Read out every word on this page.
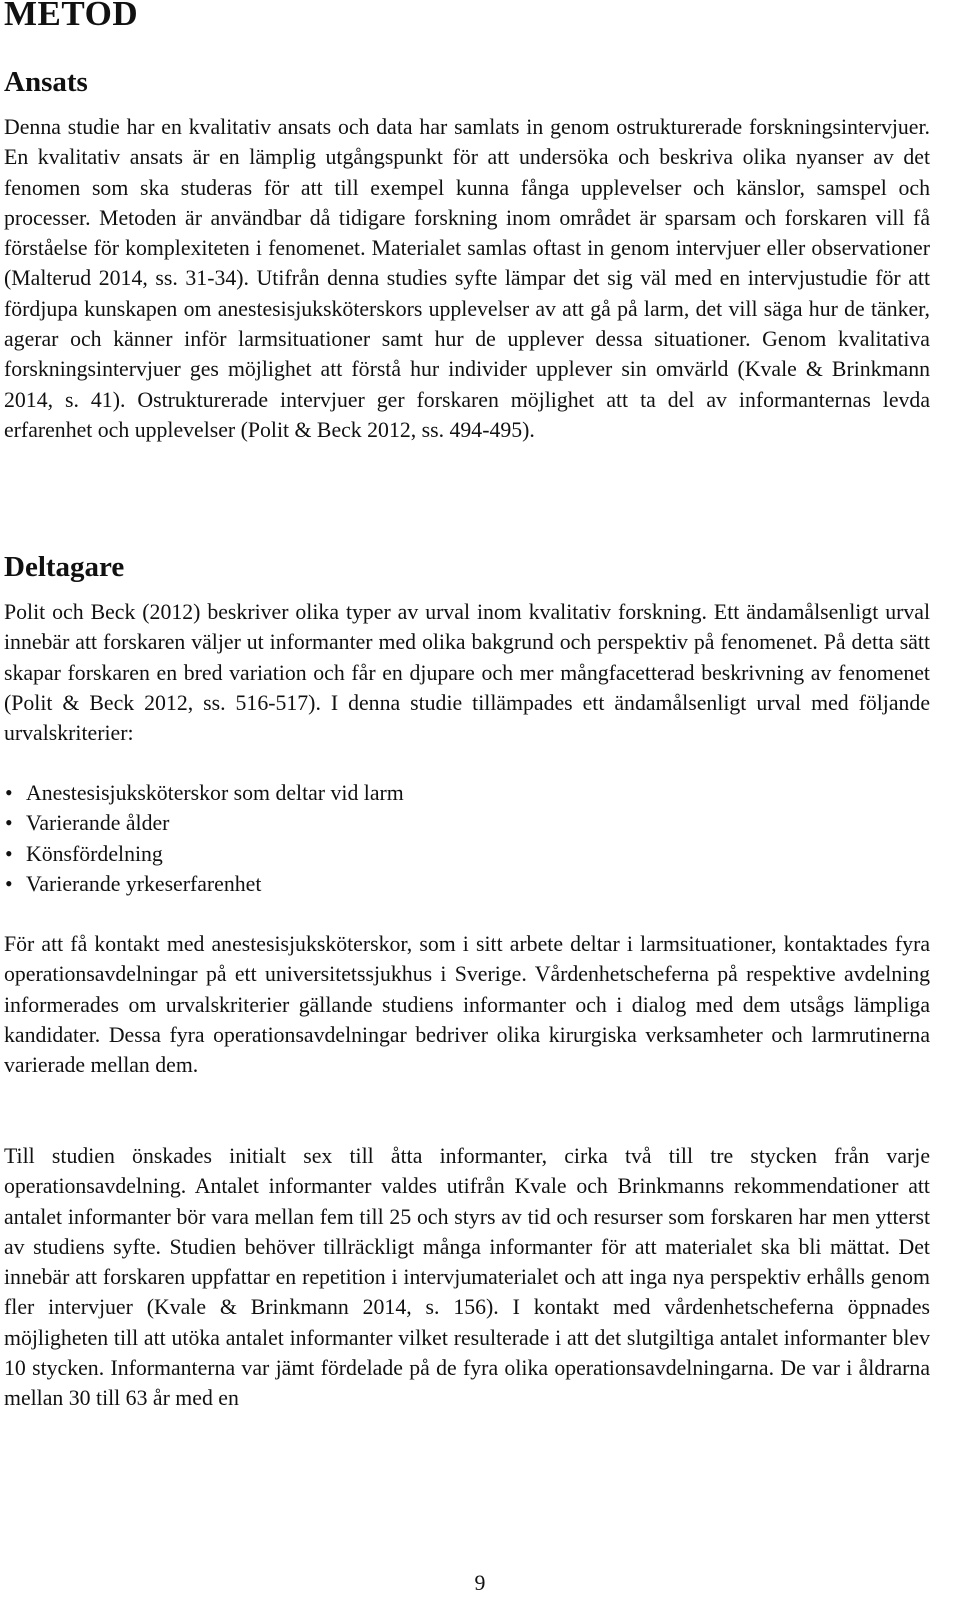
METOD
Ansats

Denna studie har en kvalitativ ansats och data har samlats in genom ostrukturerade forskningsintervjuer. En kvalitativ ansats är en lämplig utgångspunkt för att undersöka och beskriva olika nyanser av det fenomen som ska studeras för att till exempel kunna fånga upplevelser och känslor, samspel och processer. Metoden är användbar då tidigare forskning inom området är sparsam och forskaren vill få förståelse för komplexiteten i fenomenet. Materialet samlas oftast in genom intervjuer eller observationer (Malterud 2014, ss. 31-34). Utifrån denna studies syfte lämpar det sig väl med en intervjustudie för att fördjupa kunskapen om anestesisjuksköterskors upplevelser av att gå på larm, det vill säga hur de tänker, agerar och känner inför larmsituationer samt hur de upplever dessa situationer. Genom kvalitativa forskningsintervjuer ges möjlighet att förstå hur individer upplever sin omvärld (Kvale & Brinkmann 2014, s. 41). Ostrukturerade intervjuer ger forskaren möjlighet att ta del av informanternas levda erfarenhet och upplevelser (Polit & Beck 2012, ss. 494-495).

Deltagare

Polit och Beck (2012) beskriver olika typer av urval inom kvalitativ forskning. Ett ändamålsenligt urval innebär att forskaren väljer ut informanter med olika bakgrund och perspektiv på fenomenet. På detta sätt skapar forskaren en bred variation och får en djupare och mer mångfacetterad beskrivning av fenomenet (Polit & Beck 2012, ss. 516-517). I denna studie tillämpades ett ändamålsenligt urval med följande urvalskriterier:

• Anestesisjuksköterskor som deltar vid larm
• Varierande ålder
• Könsfördelning
• Varierande yrkeserfarenhet

För att få kontakt med anestesisjuksköterskor, som i sitt arbete deltar i larmsituationer, kontaktades fyra operationsavdelningar på ett universitetssjukhus i Sverige. Vårdenhetscheferna på respektive avdelning informerades om urvalskriterier gällande studiens informanter och i dialog med dem utsågs lämpliga kandidater. Dessa fyra operationsavdelningar bedriver olika kirurgiska verksamheter och larmrutinerna varierade mellan dem.

Till studien önskades initialt sex till åtta informanter, cirka två till tre stycken från varje operationsavdelning. Antalet informanter valdes utifrån Kvale och Brinkmanns rekommendationer att antalet informanter bör vara mellan fem till 25 och styrs av tid och resurser som forskaren har men ytterst av studiens syfte. Studien behöver tillräckligt många informanter för att materialet ska bli mättat. Det innebär att forskaren uppfattar en repetition i intervjumaterialet och att inga nya perspektiv erhålls genom fler intervjuer (Kvale & Brinkmann 2014, s. 156). I kontakt med vårdenhetscheferna öppnades möjligheten till att utöka antalet informanter vilket resulterade i att det slutgiltiga antalet informanter blev 10 stycken. Informanterna var jämt fördelade på de fyra olika operationsavdelningarna. De var i åldrarna mellan 30 till 63 år med en

9
